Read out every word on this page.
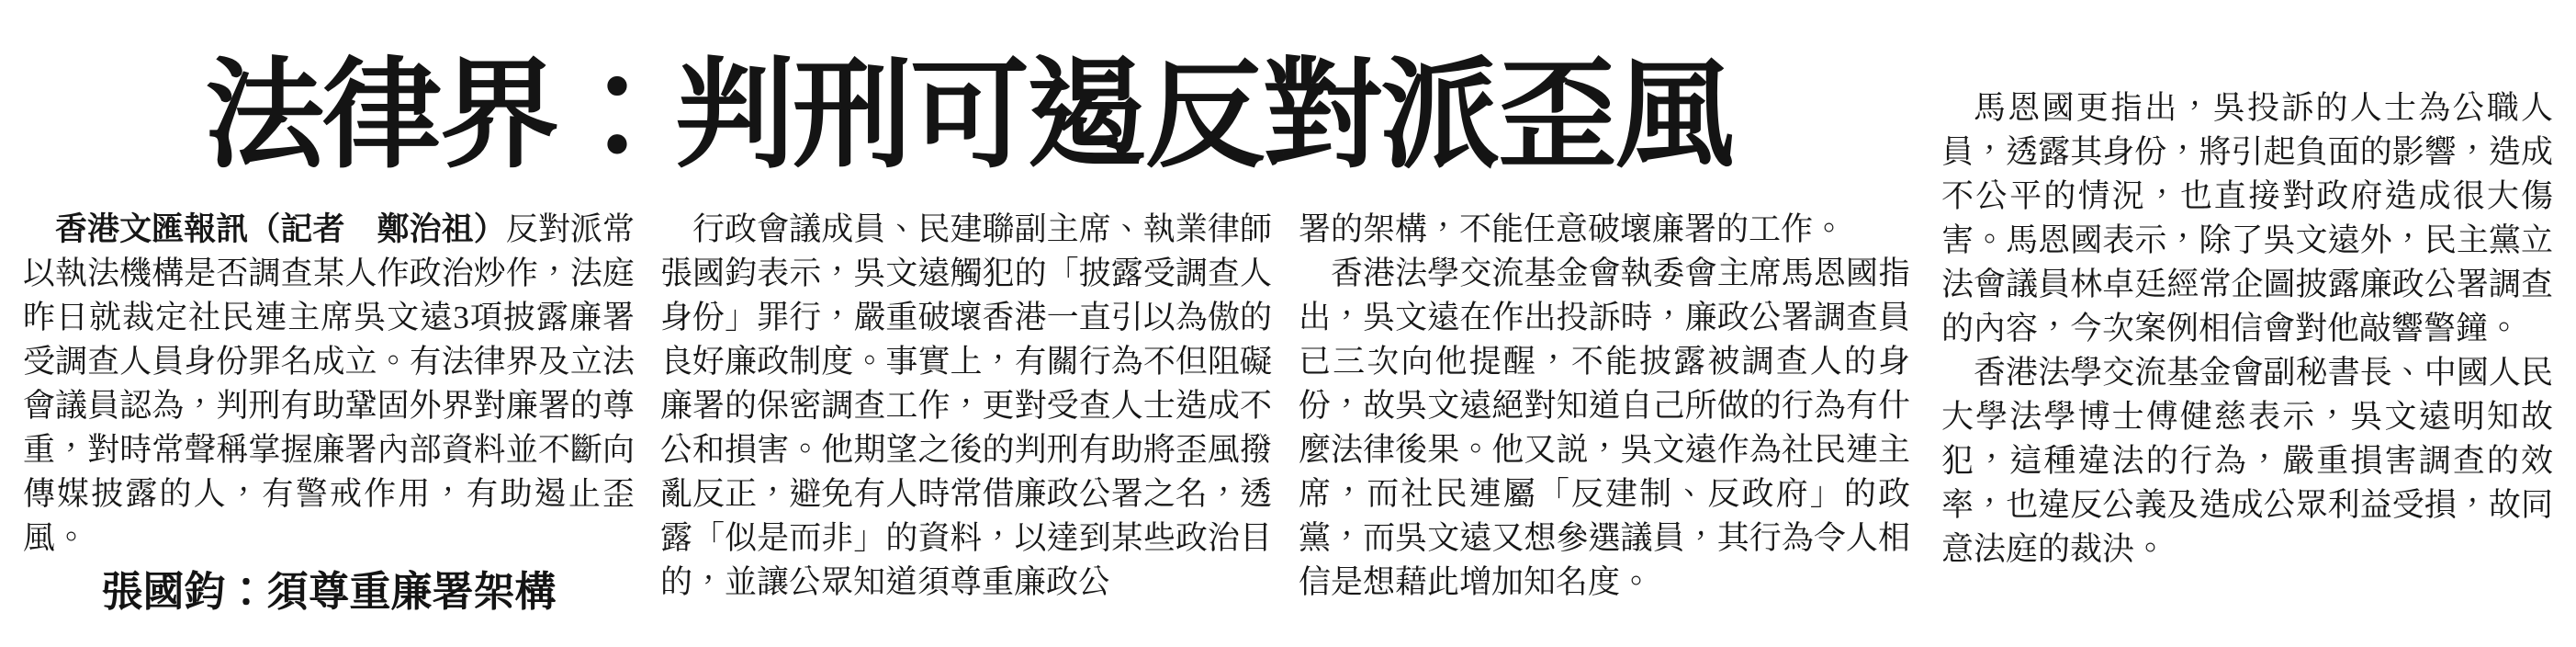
法律界：判刑可遏反對派歪風

香港文匯報訊（記者　鄭治祖）反對派常以執法機構是否調查某人作政治炒作，法庭昨日就裁定社民連主席吳文遠3項披露廉署受調查人員身份罪名成立。有法律界及立法會議員認為，判刑有助鞏固外界對廉署的尊重，對時常聲稱掌握廉署內部資料並不斷向傳媒披露的人，有警戒作用，有助遏止歪風。

張國鈞：須尊重廉署架構

行政會議成員、民建聯副主席、執業律師張國鈞表示，吳文遠觸犯的「披露受調查人身份」罪行，嚴重破壞香港一直引以為傲的良好廉政制度。事實上，有關行為不但阻礙廉署的保密調查工作，更對受查人士造成不公和損害。他期望之後的判刑有助將歪風撥亂反正，避免有人時常借廉政公署之名，透露「似是而非」的資料，以達到某些政治目的，並讓公眾知道須尊重廉政公

署的架構，不能任意破壞廉署的工作。

香港法學交流基金會執委會主席馬恩國指出，吳文遠在作出投訴時，廉政公署調查員已三次向他提醒，不能披露被調查人的身份，故吳文遠絕對知道自己所做的行為有什麼法律後果。他又説，吳文遠作為社民連主席，而社民連屬「反建制、反政府」的政黨，而吳文遠又想參選議員，其行為令人相信是想藉此增加知名度。

馬恩國更指出，吳投訴的人士為公職人員，透露其身份，將引起負面的影響，造成不公平的情況，也直接對政府造成很大傷害。馬恩國表示，除了吳文遠外，民主黨立法會議員林卓廷經常企圖披露廉政公署調查的內容，今次案例相信會對他敲響警鐘。

香港法學交流基金會副秘書長、中國人民大學法學博士傅健慈表示，吳文遠明知故犯，這種違法的行為，嚴重損害調查的效率，也違反公義及造成公眾利益受損，故同意法庭的裁決。
